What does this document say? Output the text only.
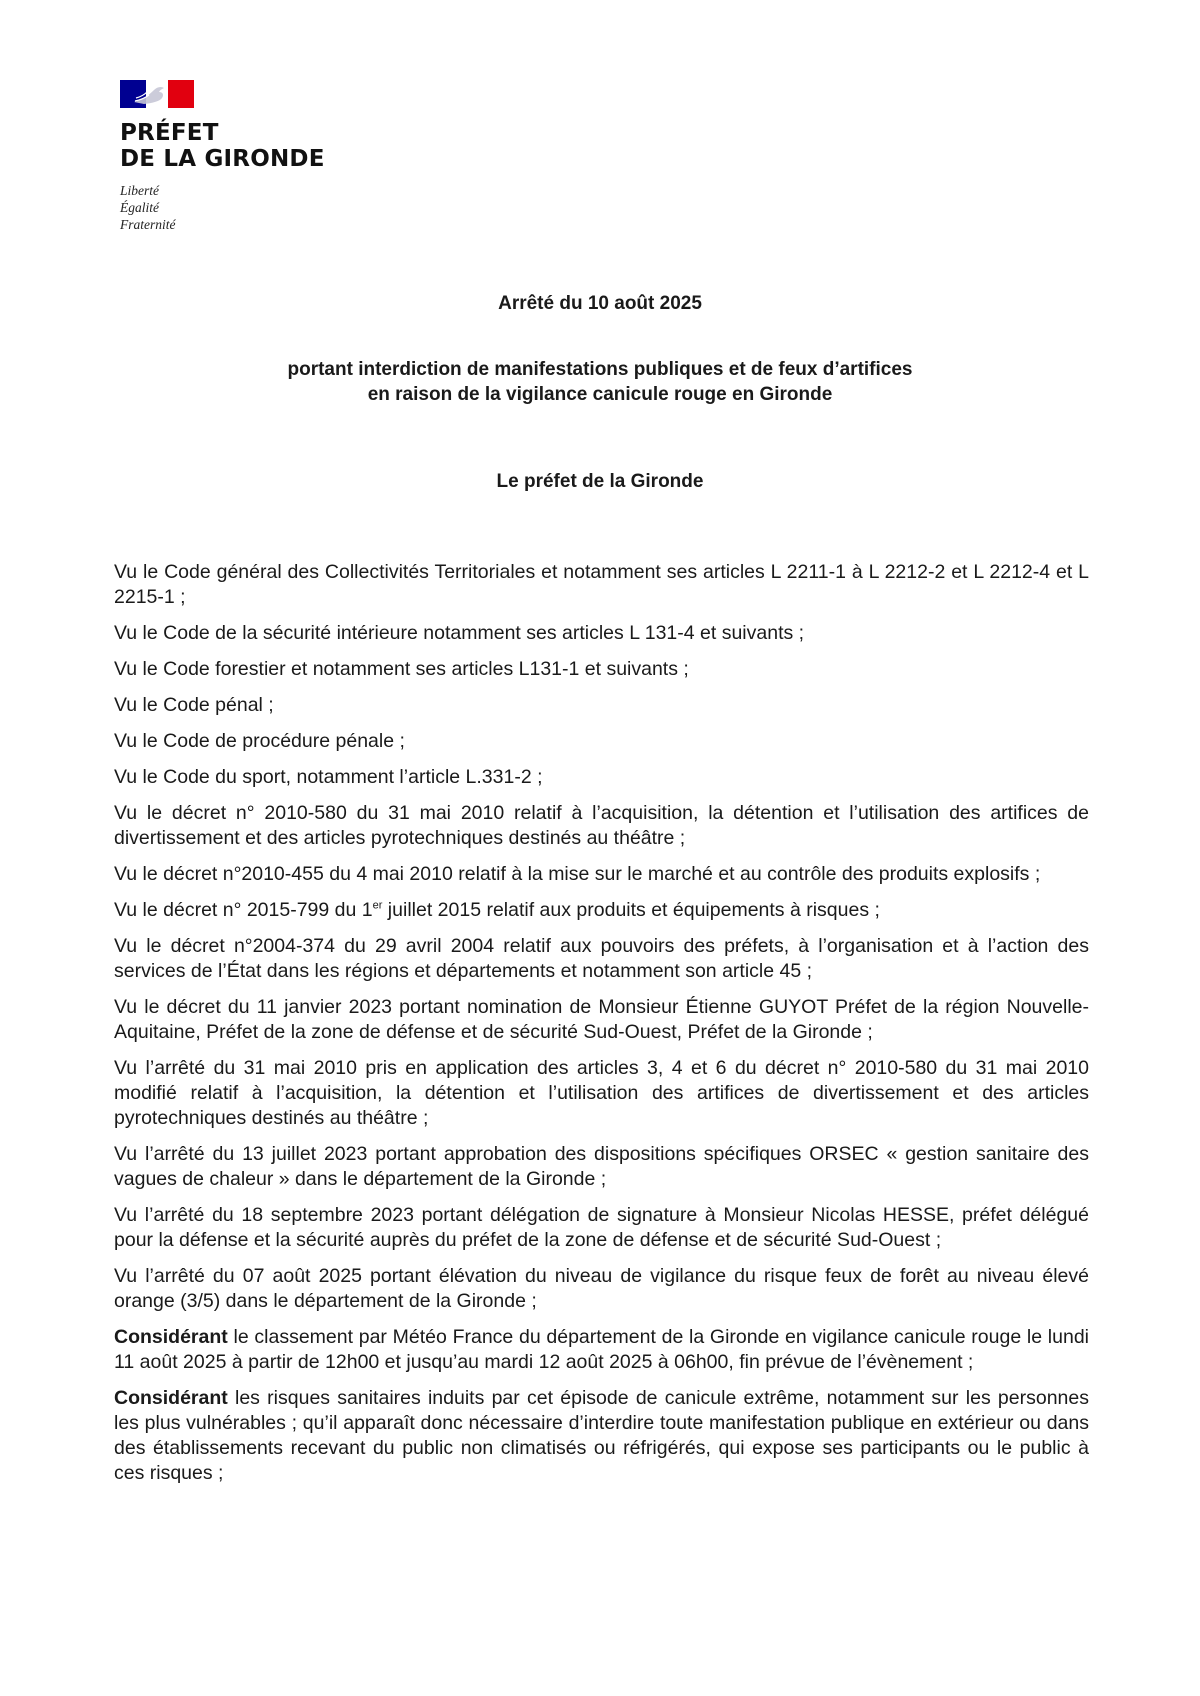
PRÉFET
DE LA GIRONDE
Liberté
Égalité
Fraternité
Arrêté du 10 août 2025
portant interdiction de manifestations publiques et de feux d’artifices
en raison de la vigilance canicule rouge en Gironde
Le préfet de la Gironde

Vu le Code général des Collectivités Territoriales et notamment ses articles L 2211-1 à L 2212-2 et L 2212-4 et L 2215-1 ;

Vu le Code de la sécurité intérieure notamment ses articles L 131-4 et suivants ;

Vu le Code forestier et notamment ses articles L131-1 et suivants ;

Vu le Code pénal ;

Vu le Code de procédure pénale ;

Vu le Code du sport, notamment l’article L.331-2 ;

Vu le décret n° 2010-580 du 31 mai 2010 relatif à l’acquisition, la détention et l’utilisation des artifices de divertissement et des articles pyrotechniques destinés au théâtre ;

Vu le décret n°2010-455 du 4 mai 2010 relatif à la mise sur le marché et au contrôle des produits explosifs ;

Vu le décret n° 2015-799 du 1er juillet 2015 relatif aux produits et équipements à risques ;

Vu le décret n°2004-374 du 29 avril 2004 relatif aux pouvoirs des préfets, à l’organisation et à l’action des services de l’État dans les régions et départements et notamment son article 45 ;

Vu le décret du 11 janvier 2023 portant nomination de Monsieur Étienne GUYOT Préfet de la région Nouvelle-Aquitaine, Préfet de la zone de défense et de sécurité Sud-Ouest, Préfet de la Gironde ;

Vu l’arrêté du 31 mai 2010 pris en application des articles 3, 4 et 6 du décret n° 2010-580 du 31 mai 2010 modifié relatif à l’acquisition, la détention et l’utilisation des artifices de divertissement et des articles pyrotechniques destinés au théâtre ;

Vu l’arrêté du 13 juillet 2023 portant approbation des dispositions spécifiques ORSEC « gestion sanitaire des vagues de chaleur » dans le département de la Gironde ;

Vu l’arrêté du 18 septembre 2023 portant délégation de signature à Monsieur Nicolas HESSE, préfet délégué pour la défense et la sécurité auprès du préfet de la zone de défense et de sécurité Sud-Ouest ;

Vu l’arrêté du 07 août 2025 portant élévation du niveau de vigilance du risque feux de forêt au niveau élevé orange (3/5) dans le département de la Gironde ;

Considérant le classement par Météo France du département de la Gironde en vigilance canicule rouge le lundi 11 août 2025 à partir de 12h00 et jusqu’au mardi 12 août 2025 à 06h00, fin prévue de l’évènement ;

Considérant les risques sanitaires induits par cet épisode de canicule extrême, notamment sur les personnes les plus vulnérables ; qu’il apparaît donc nécessaire d’interdire toute manifestation publique en extérieur ou dans des établissements recevant du public non climatisés ou réfrigérés, qui expose ses participants ou le public à ces risques ;
